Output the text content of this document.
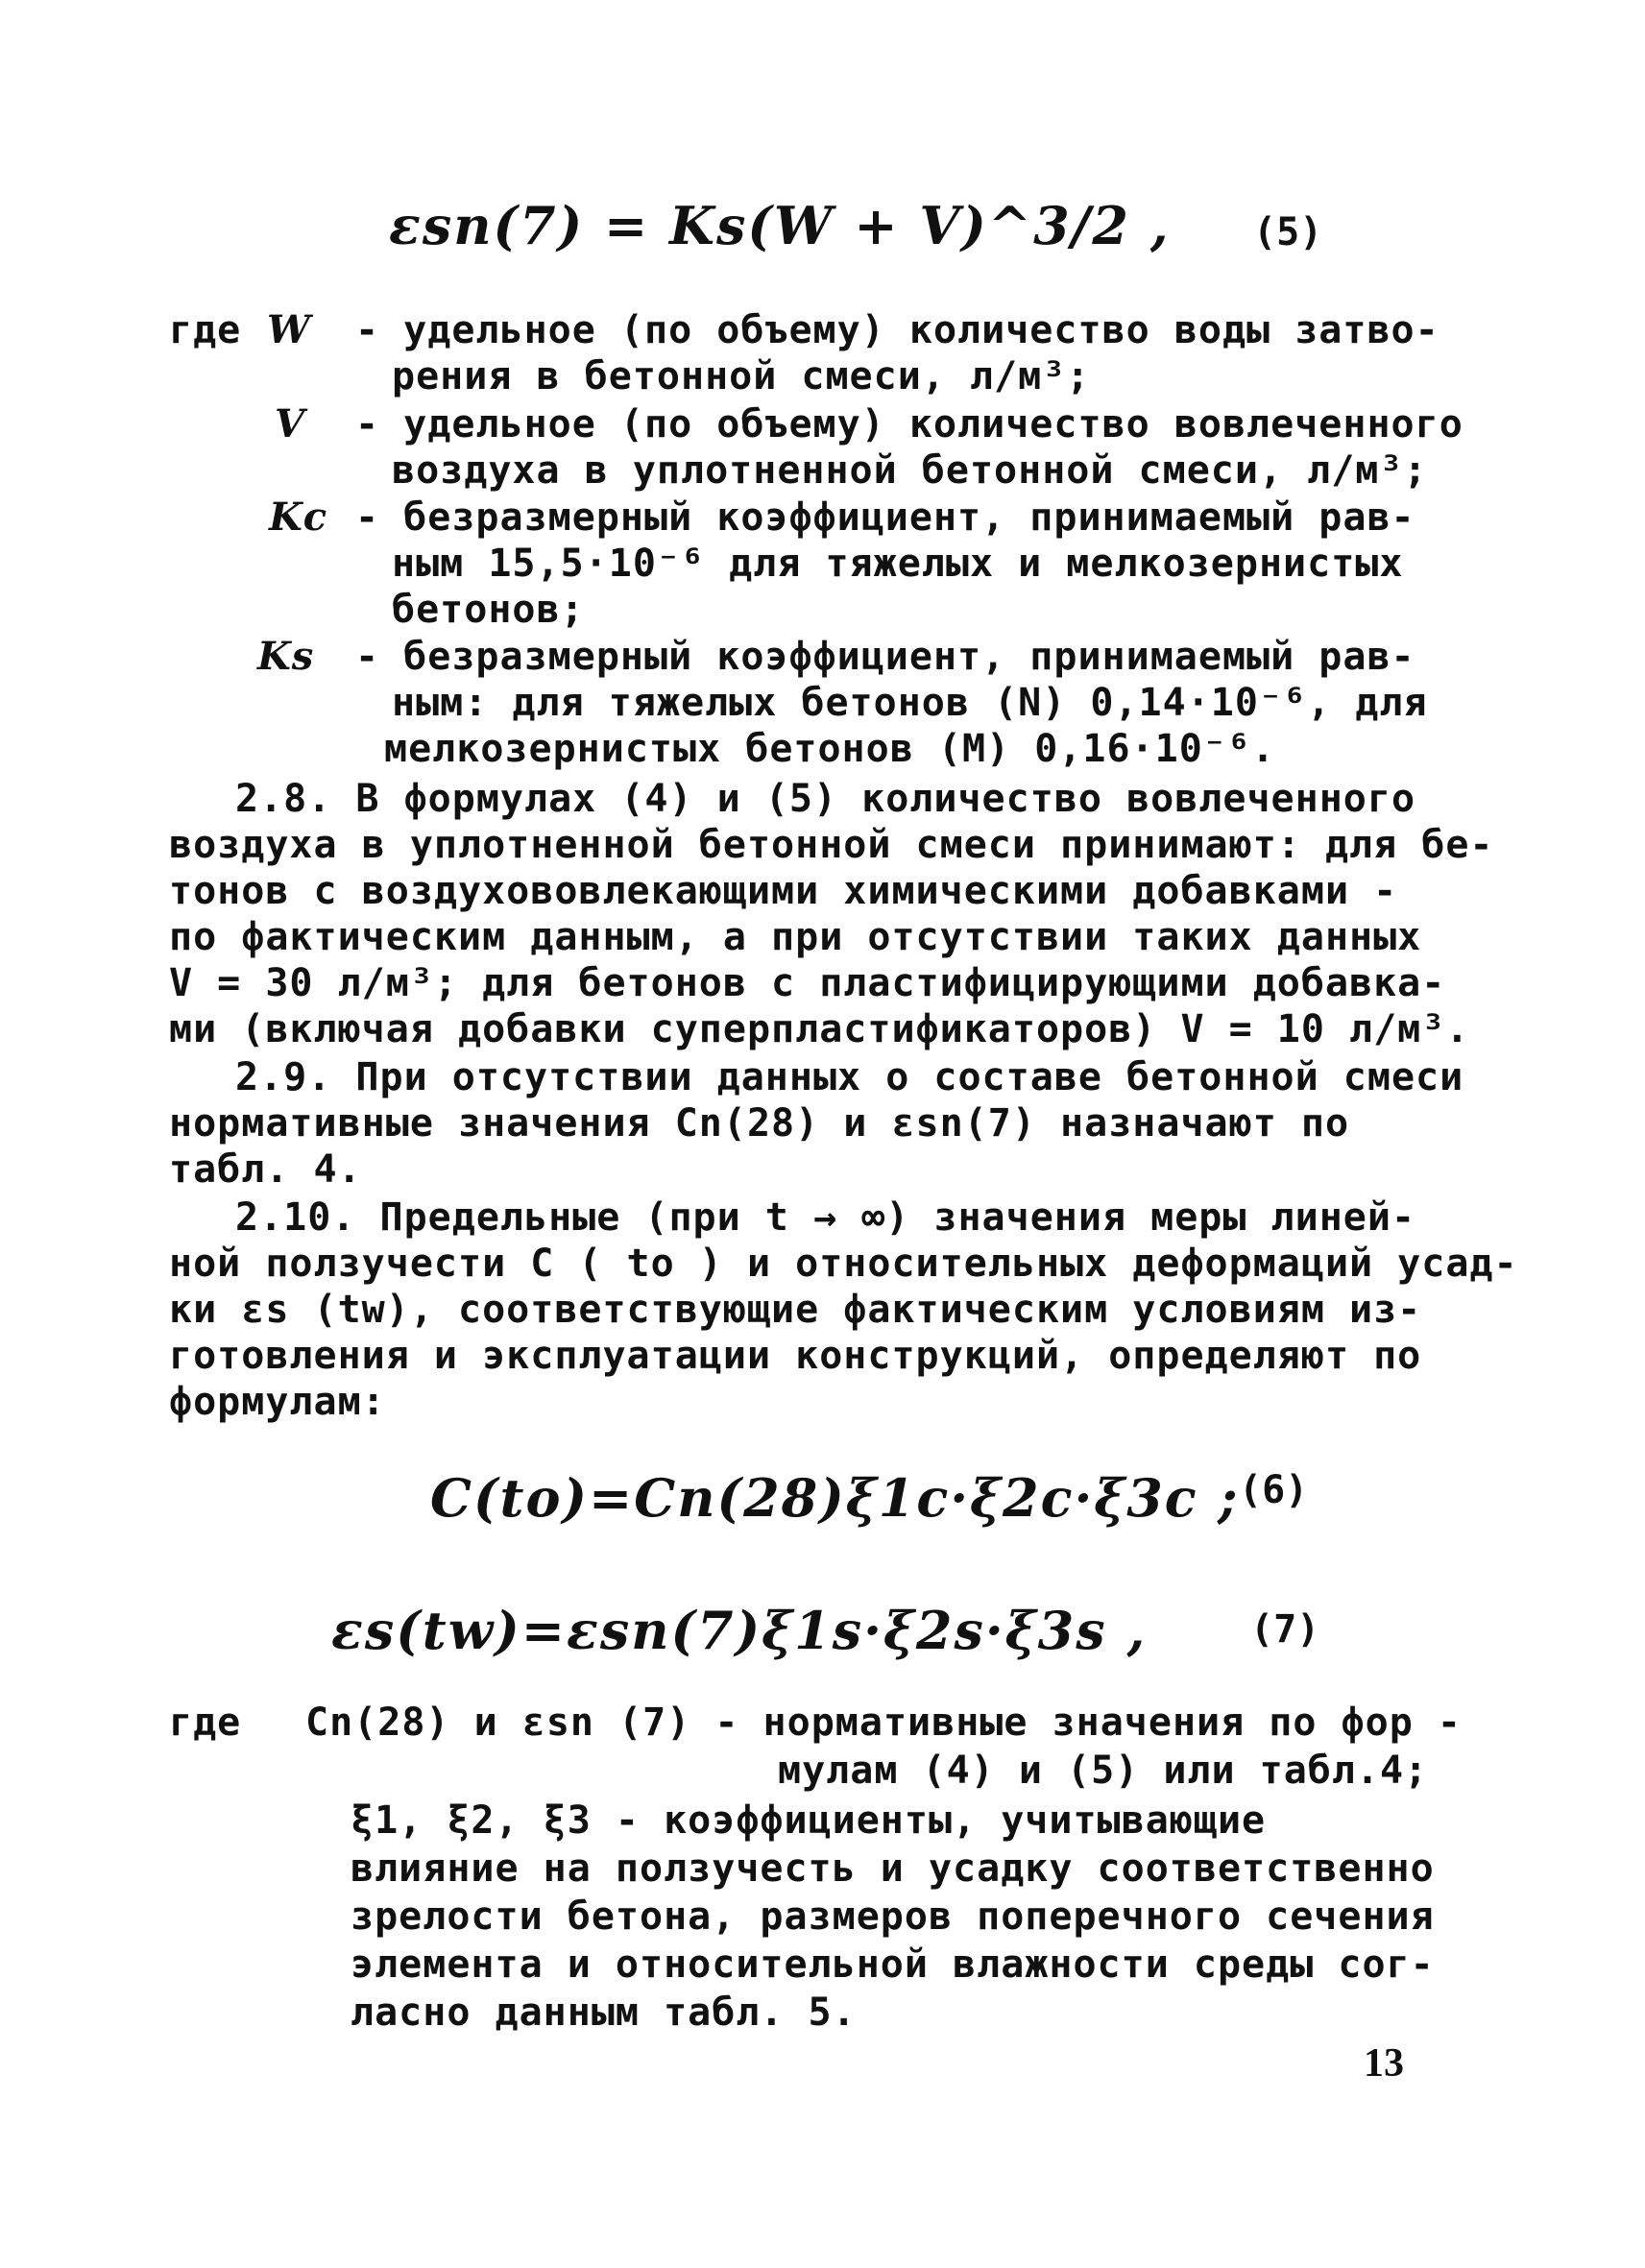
εsn(7) = Ks(W + V)^3/2 , (5)
где W - удельное (по объему) количество воды затво-
рения в бетонной смеси, л/м³;
V - удельное (по объему) количество вовлеченного
воздуха в уплотненной бетонной смеси, л/м³;
Kc - безразмерный коэффициент, принимаемый рав-
ным 15,5·10⁻⁶ для тяжелых и мелкозернистых
бетонов;
Ks - безразмерный коэффициент, принимаемый рав-
ным: для тяжелых бетонов (N) 0,14·10⁻⁶, для
мелкозернистых бетонов (M) 0,16·10⁻⁶.
2.8. В формулах (4) и (5) количество вовлеченного
воздуха в уплотненной бетонной смеси принимают: для бе-
тонов с воздухововлекающими химическими добавками -
по фактическим данным, а при отсутствии таких данных
V = 30 л/м³; для бетонов с пластифицирующими добавка-
ми (включая добавки суперпластификаторов) V = 10 л/м³.
2.9. При отсутствии данных о составе бетонной смеси
нормативные значения Cn(28) и εsn(7) назначают по
табл. 4.
2.10. Предельные (при t → ∞) значения меры линей-
ной ползучести C ( to ) и относительных деформаций усад-
ки εs (tw), соответствующие фактическим условиям из-
готовления и эксплуатации конструкций, определяют по
формулам:
C(to)=Cn(28)ξ1c·ξ2c·ξ3c ; (6)
εs(tw)=εsn(7)ξ1s·ξ2s·ξ3s ,	(7)
где Cn(28) и εsn (7) - нормативные значения по фор -
мулам (4) и (5) или табл.4;
ξ1, ξ2, ξ3 - коэффициенты, учитывающие
влияние на ползучесть и усадку соответственно
зрелости бетона, размеров поперечного сечения
элемента и относительной влажности среды сог-
ласно данным табл. 5.
13
